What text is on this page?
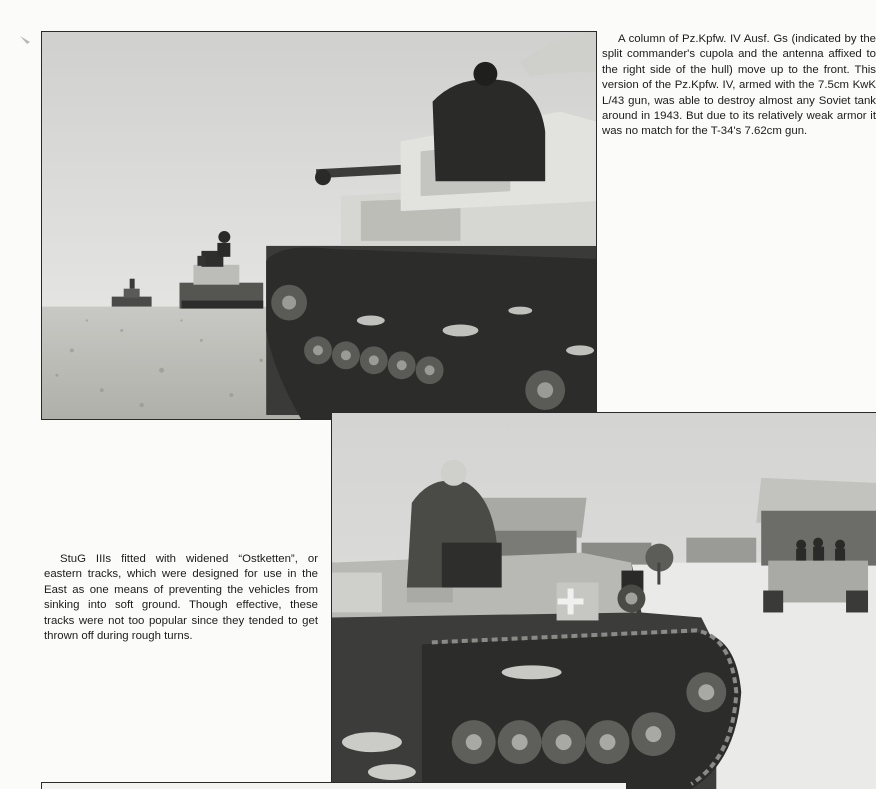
A column of Pz.Kpfw. IV Ausf. Gs (indicated by the split commander's cupola and the antenna affixed to the right side of the hull) move up to the front. This version of the Pz.Kpfw. IV, armed with the 7.5cm KwK L/43 gun, was able to destroy almost any Soviet tank around in 1943. But due to its relatively weak armor it was no match for the T-34's 7.62cm gun.

StuG IIIs fitted with widened “Ostketten”, or eastern tracks, which were designed for use in the East as one means of preventing the vehicles from sinking into soft ground. Though effective, these tracks were not too popular since they tended to get thrown off during rough turns.
